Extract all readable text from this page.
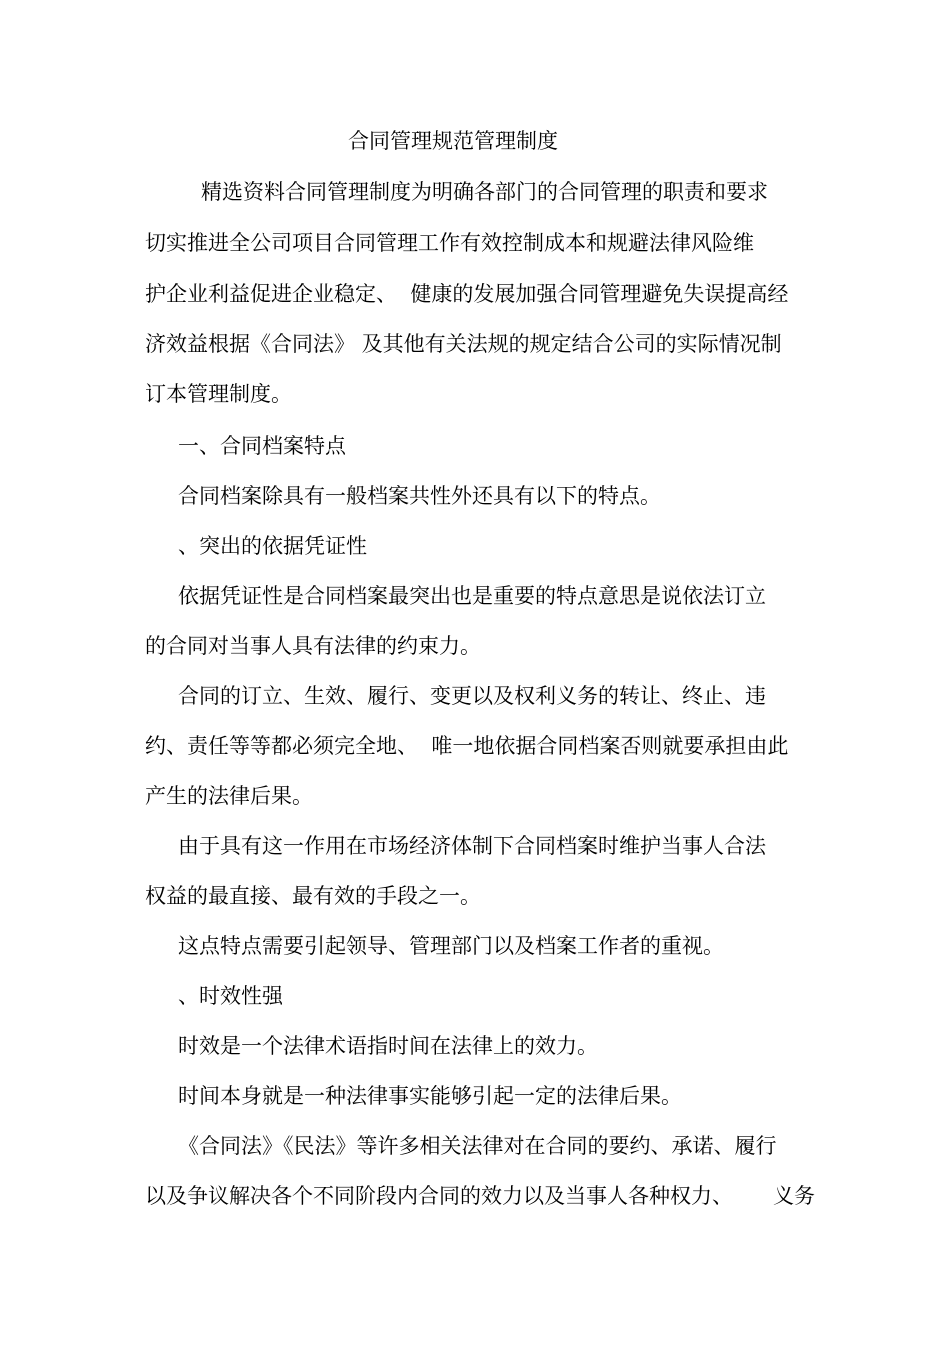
合同管理规范管理制度
精选资料合同管理制度为明确各部门的合同管理的职责和要求
切实推进全公司项目合同管理工作有效控制成本和规避法律风险维
护企业利益促进企业稳定、  健康的发展加强合同管理避免失误提高经
济效益根据《合同法》 及其他有关法规的规定结合公司的实际情况制
订本管理制度。
一、合同档案特点
合同档案除具有一般档案共性外还具有以下的特点。
、突出的依据凭证性
依据凭证性是合同档案最突出也是重要的特点意思是说依法订立
的合同对当事人具有法律的约束力。
合同的订立、生效、履行、变更以及权利义务的转让、终止、违
约、责任等等都必须完全地、  唯一地依据合同档案否则就要承担由此
产生的法律后果。
由于具有这一作用在市场经济体制下合同档案时维护当事人合法
权益的最直接、最有效的手段之一。
这点特点需要引起领导、管理部门以及档案工作者的重视。
、时效性强
时效是一个法律术语指时间在法律上的效力。
时间本身就是一种法律事实能够引起一定的法律后果。
《合同法》《民法》等许多相关法律对在合同的要约、承诺、履行
以及争议解决各个不同阶段内合同的效力以及当事人各种权力、      义务
